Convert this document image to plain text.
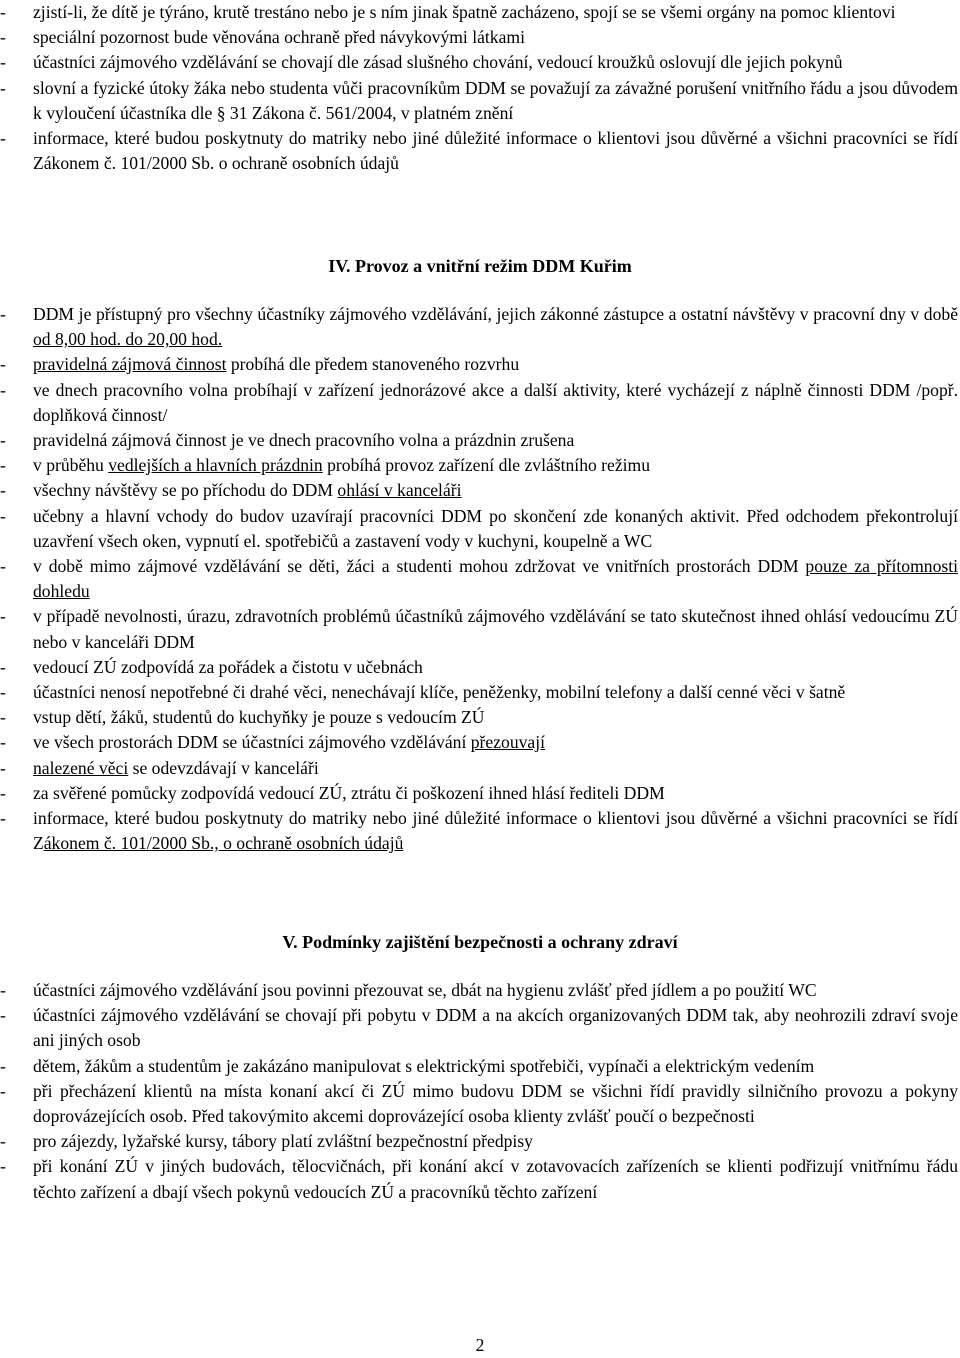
- zjistí-li, že dítě je týráno, krutě trestáno nebo je s ním jinak špatně zacházeno, spojí se se všemi orgány na pomoc klientovi
- speciální pozornost bude věnována ochraně před návykovými látkami
- účastníci zájmového vzdělávání se chovají dle zásad slušného chování, vedoucí kroužků oslovují dle jejich pokynů
- slovní a fyzické útoky žáka nebo studenta vůči pracovníkům DDM se považují za závažné porušení vnitřního řádu a jsou důvodem k vyloučení účastníka dle § 31 Zákona č. 561/2004, v platném znění
- informace, které budou poskytnuty do matriky nebo jiné důležité informace o klientovi jsou důvěrné a všichni pracovníci se řídí Zákonem č. 101/2000 Sb. o ochraně osobních údajů
IV. Provoz a vnitřní režim DDM Kuřim
- DDM je přístupný pro všechny účastníky zájmového vzdělávání, jejich zákonné zástupce a ostatní návštěvy v pracovní dny v době od 8,00 hod. do 20,00 hod.
- pravidelná zájmová činnost probíhá dle předem stanoveného rozvrhu
- ve dnech pracovního volna probíhají v zařízení jednorázové akce a další aktivity, které vycházejí z náplně činnosti DDM /popř. doplňková činnost/
- pravidelná zájmová činnost je ve dnech pracovního volna a prázdnin zrušena
- v průběhu vedlejších a hlavních prázdnin probíhá provoz zařízení dle zvláštního režimu
- všechny návštěvy se po příchodu do DDM ohlásí v kanceláři
- učebny a hlavní vchody do budov uzavírají pracovníci DDM po skončení zde konaných aktivit. Před odchodem překontrolují uzavření všech oken, vypnutí el. spotřebičů a zastavení vody v kuchyni, koupelně a WC
- v době mimo zájmové vzdělávání se děti, žáci a studenti mohou zdržovat ve vnitřních prostorách DDM pouze za přítomnosti dohledu
- v případě nevolnosti, úrazu, zdravotních problémů účastníků zájmového vzdělávání se tato skutečnost ihned ohlásí vedoucímu ZÚ nebo v kanceláři DDM
- vedoucí ZÚ zodpovídá za pořádek a čistotu v učebnách
- účastníci nenosí nepotřebné či drahé věci, nenechávají klíče, peněženky, mobilní telefony a další cenné věci v šatně
- vstup dětí, žáků, studentů do kuchyňky je pouze s vedoucím ZÚ
- ve všech prostorách DDM se účastníci zájmového vzdělávání přezouvají
- nalezené věci se odevzdávají v kanceláři
- za svěřené pomůcky zodpovídá vedoucí ZÚ, ztrátu či poškození ihned hlásí řediteli DDM
- informace, které budou poskytnuty do matriky nebo jiné důležité informace o klientovi jsou důvěrné a všichni pracovníci se řídí Zákonem č. 101/2000 Sb., o ochraně osobních údajů
V. Podmínky zajištění bezpečnosti a ochrany zdraví
- účastníci zájmového vzdělávání jsou povinni přezouvat se, dbát na hygienu zvlášť před jídlem a po použití WC
- účastníci zájmového vzdělávání se chovají při pobytu v DDM a na akcích organizovaných DDM tak, aby neohrozili zdraví svoje ani jiných osob
- dětem, žákům a studentům je zakázáno manipulovat s elektrickými spotřebiči, vypínači a elektrickým vedením
- při přecházení klientů na místa konaní akcí či ZÚ mimo budovu DDM se všichni řídí pravidly silničního provozu a pokyny doprovázejících osob. Před takovýmito akcemi doprovázející osoba klienty zvlášť poučí o bezpečnosti
- pro zájezdy, lyžařské kursy, tábory platí zvláštní bezpečnostní předpisy
- při konání ZÚ v jiných budovách, tělocvičnách, při konání akcí v zotavovacích zařízeních se klienti podřizují vnitřnímu řádu těchto zařízení a dbají všech pokynů vedoucích ZÚ a pracovníků těchto zařízení
2
